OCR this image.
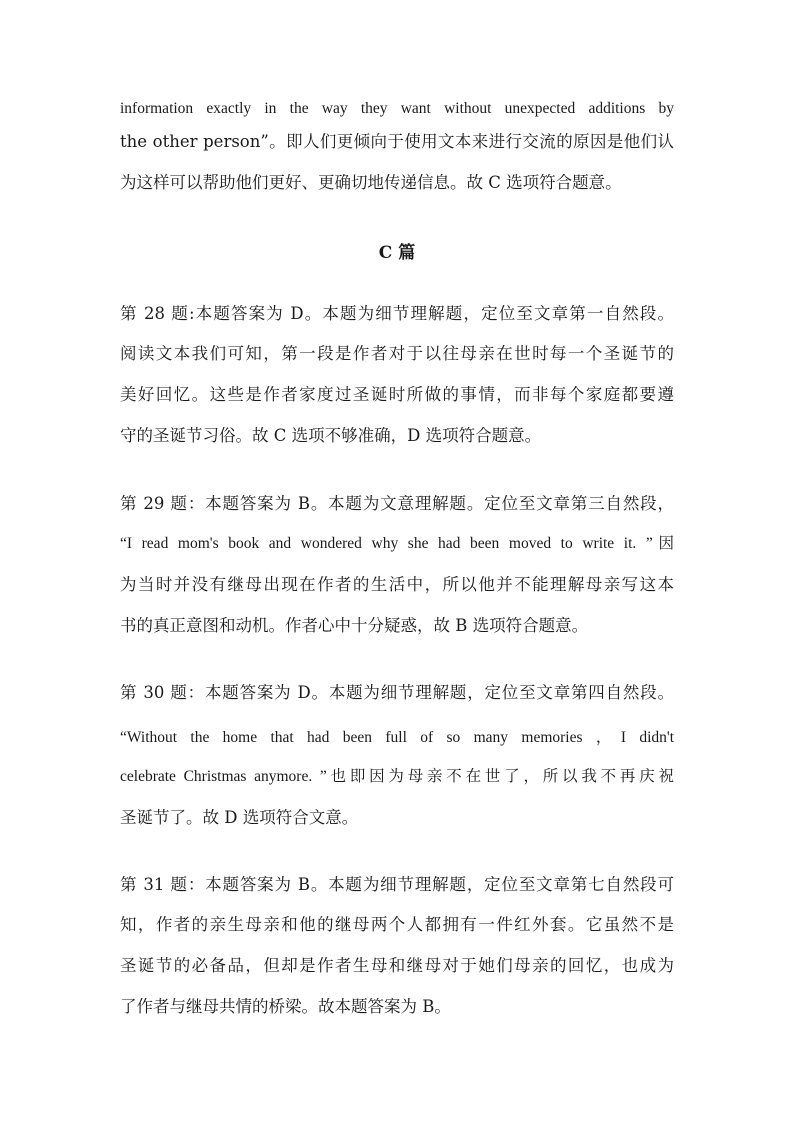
information exactly in the way they want without unexpected additions by
the other person”。即人们更倾向于使用文本来进行交流的原因是他们认
为这样可以帮助他们更好、更确切地传递信息。故 C 选项符合题意。
C 篇
第 28 题:本题答案为 D。本题为细节理解题，定位至文章第一自然段。
阅读文本我们可知，第一段是作者对于以往母亲在世时每一个圣诞节的
美好回忆。这些是作者家度过圣诞时所做的事情，而非每个家庭都要遵
守的圣诞节习俗。故 C 选项不够准确，D 选项符合题意。
第 29 题：本题答案为 B。本题为文意理解题。定位至文章第三自然段，
“I read mom's book and wondered why she had been moved to write it. ”因
为当时并没有继母出现在作者的生活中，所以他并不能理解母亲写这本
书的真正意图和动机。作者心中十分疑惑，故 B 选项符合题意。
第 30 题：本题答案为 D。本题为细节理解题，定位至文章第四自然段。
“Without the home that had been full of so many memories ，I didn't
celebrate Christmas anymore. ”也即因为母亲不在世了，所以我不再庆祝
圣诞节了。故 D 选项符合文意。
第 31 题：本题答案为 B。本题为细节理解题，定位至文章第七自然段可
知，作者的亲生母亲和他的继母两个人都拥有一件红外套。它虽然不是
圣诞节的必备品，但却是作者生母和继母对于她们母亲的回忆，也成为
了作者与继母共情的桥梁。故本题答案为 B。
